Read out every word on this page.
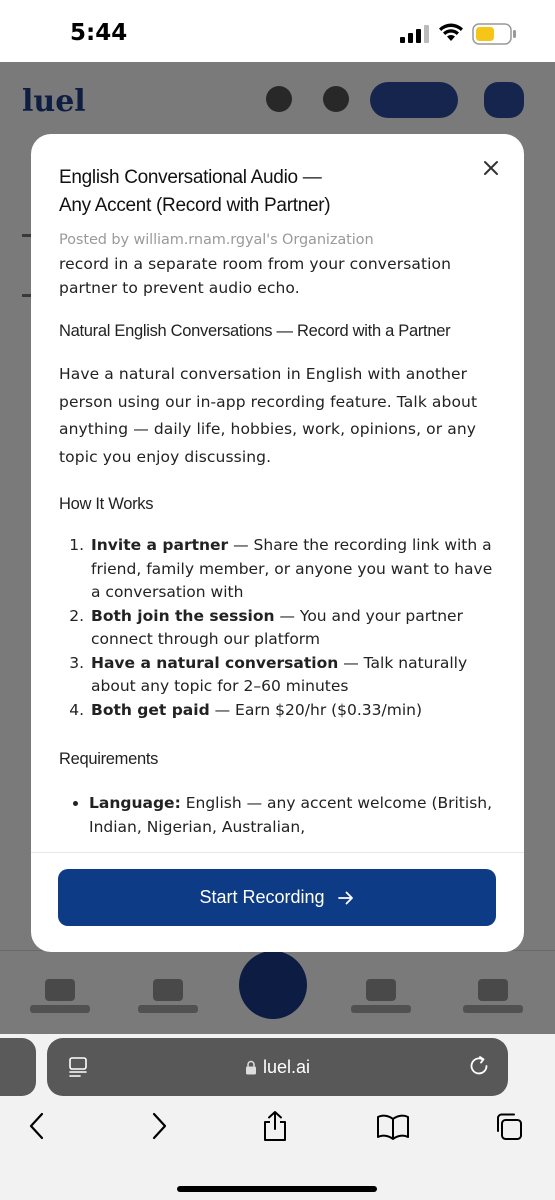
5:44
English Conversational Audio —
Any Accent (Record with Partner)
Posted by william.rnam.rgyal's Organization
record in a separate room from your conversation partner to prevent audio echo.
Natural English Conversations — Record with a Partner
Have a natural conversation in English with another person using our in-app recording feature. Talk about anything — daily life, hobbies, work, opinions, or any topic you enjoy discussing.
How It Works
1. Invite a partner — Share the recording link with a friend, family member, or anyone you want to have a conversation with
2. Both join the session — You and your partner connect through our platform
3. Have a natural conversation — Talk naturally about any topic for 2–60 minutes
4. Both get paid — Earn $20/hr ($0.33/min)
Requirements
• Language: English — any accent welcome (British, Indian, Nigerian, Australian,
Start Recording
luel.ai
